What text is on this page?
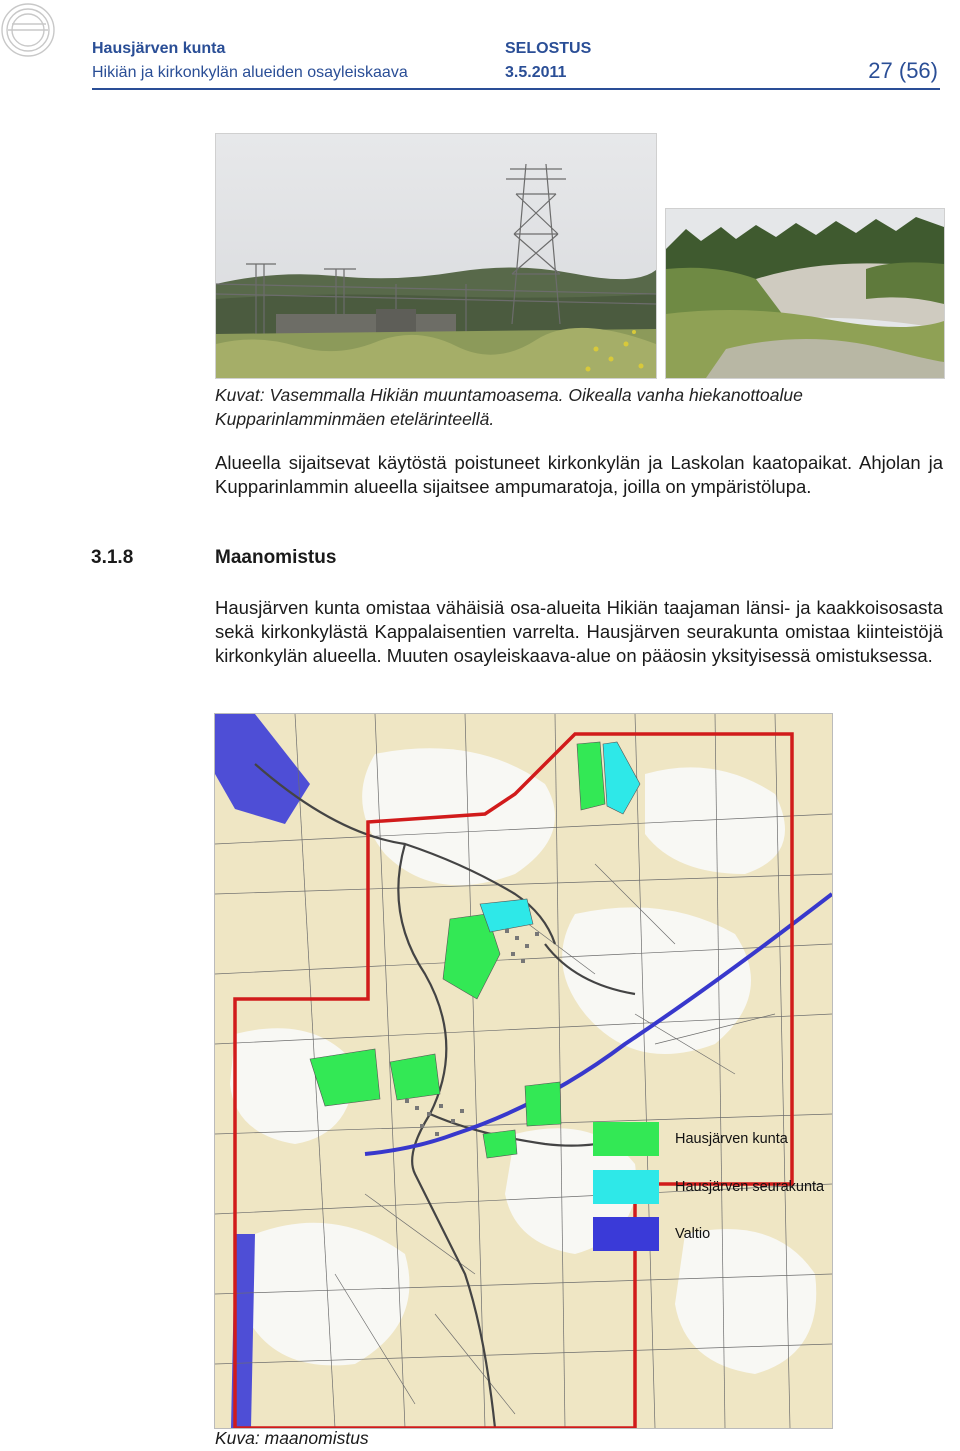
Hausjärven kunta	SELOSTUS
Hikiän ja kirkonkylän alueiden osayleiskaava	3.5.2011	27 (56)
Kuvat: Vasemmalla Hikiän muuntamoasema. Oikealla vanha hiekanottoalue Kupparinlamminmäen etelärinteellä.
Alueella sijaitsevat käytöstä poistuneet kirkonkylän ja Laskolan kaatopaikat. Ahjolan ja Kupparinlammin alueella sijaitsee ampumaratoja, joilla on ympäristölupa.
3.1.8	Maanomistus
Hausjärven kunta omistaa vähäisiä osa-alueita Hikiän taajaman länsi- ja kaakkoisosasta sekä kirkonkylästä Kappalaisentien varrelta. Hausjärven seurakunta omistaa kiinteistöjä kirkonkylän alueella. Muuten osayleiskaava-alue on pääosin yksityisessä omistuksessa.
Hausjärven kunta
Hausjärven seurakunta
Valtio
Kuva: maanomistus
